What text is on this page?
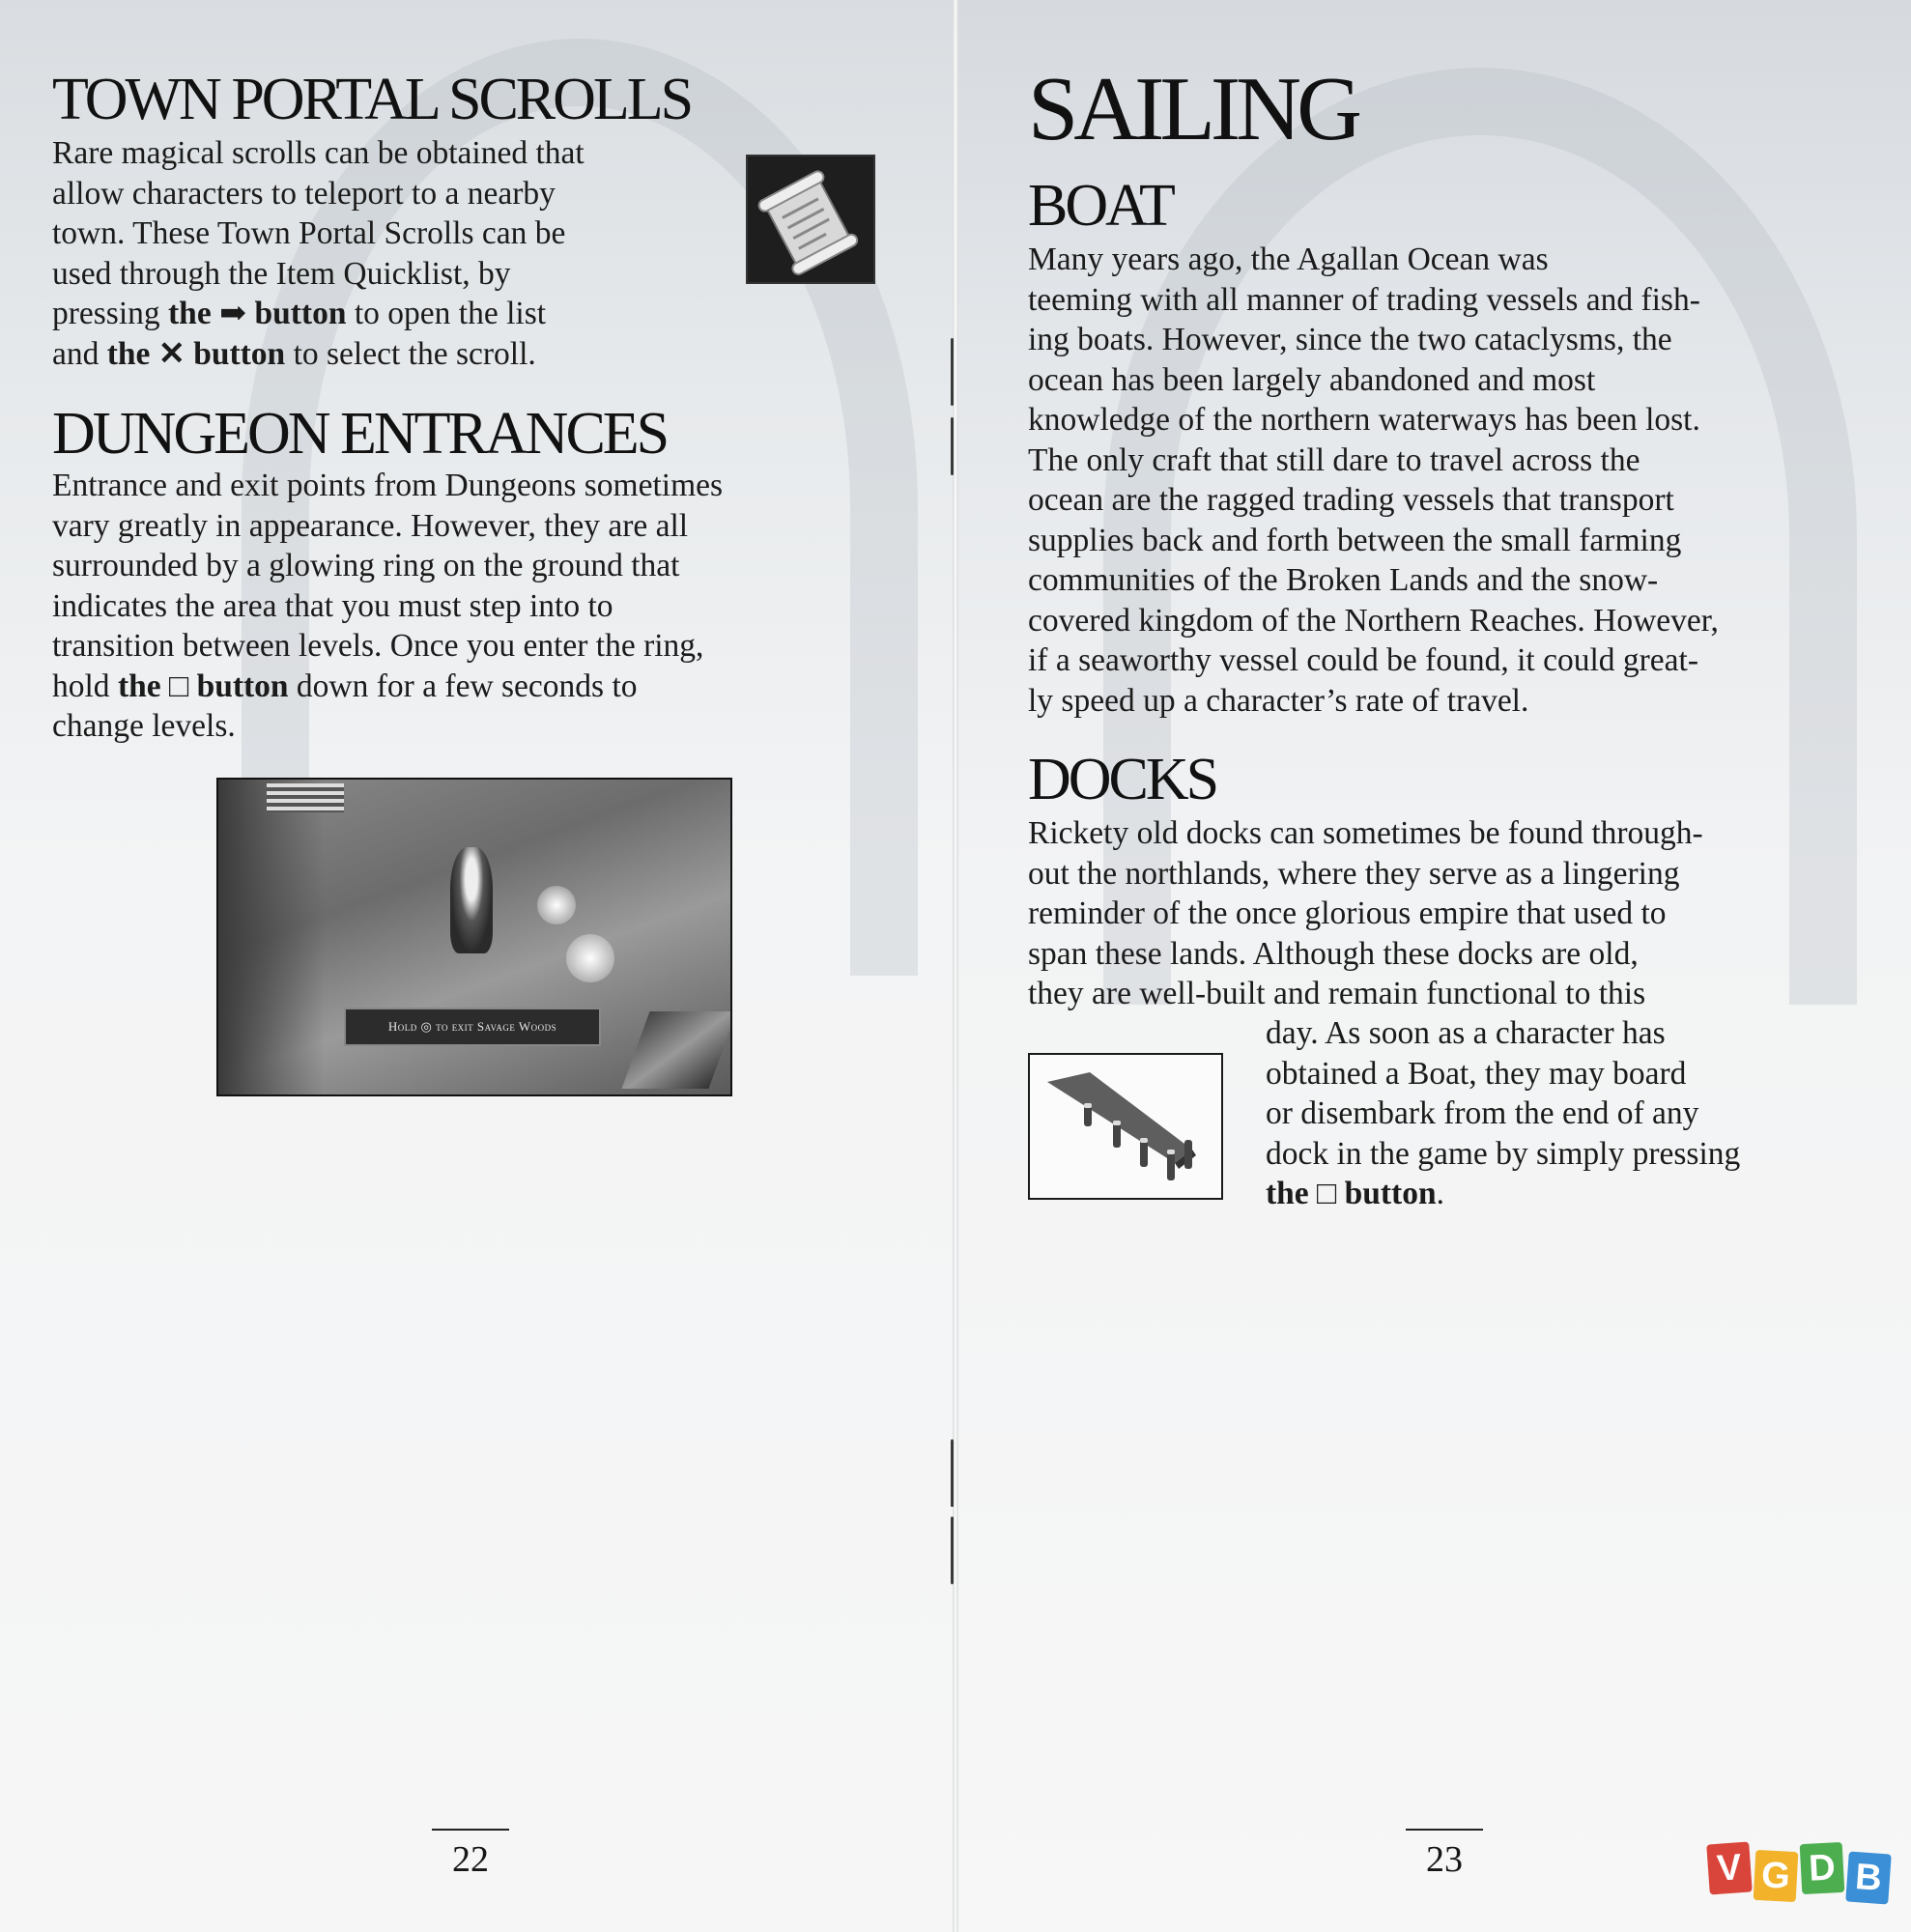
TOWN PORTAL SCROLLS
Rare magical scrolls can be obtained that
allow characters to teleport to a nearby
town. These Town Portal Scrolls can be
used through the Item Quicklist, by
pressing the ➡ button to open the list
and the ✕ button to select the scroll.
DUNGEON ENTRANCES
Entrance and exit points from Dungeons sometimes
vary greatly in appearance. However, they are all
surrounded by a glowing ring on the ground that
indicates the area that you must step into to
transition between levels. Once you enter the ring,
hold the □ button down for a few seconds to
change levels.
Hold ◎ to exit Savage Woods
22
SAILING
BOAT
Many years ago, the Agallan Ocean was
teeming with all manner of trading vessels and fish-
ing boats. However, since the two cataclysms, the
ocean has been largely abandoned and most
knowledge of the northern waterways has been lost.
The only craft that still dare to travel across the
ocean are the ragged trading vessels that transport
supplies back and forth between the small farming
communities of the Broken Lands and the snow-
covered kingdom of the Northern Reaches. However,
if a seaworthy vessel could be found, it could great-
ly speed up a character’s rate of travel.
DOCKS
Rickety old docks can sometimes be found through-
out the northlands, where they serve as a lingering
reminder of the once glorious empire that used to
span these lands. Although these docks are old,
they are well-built and remain functional to this
day. As soon as a character has
obtained a Boat, they may board
or disembark from the end of any
dock in the game by simply pressing
the □ button.
23	V G D B
